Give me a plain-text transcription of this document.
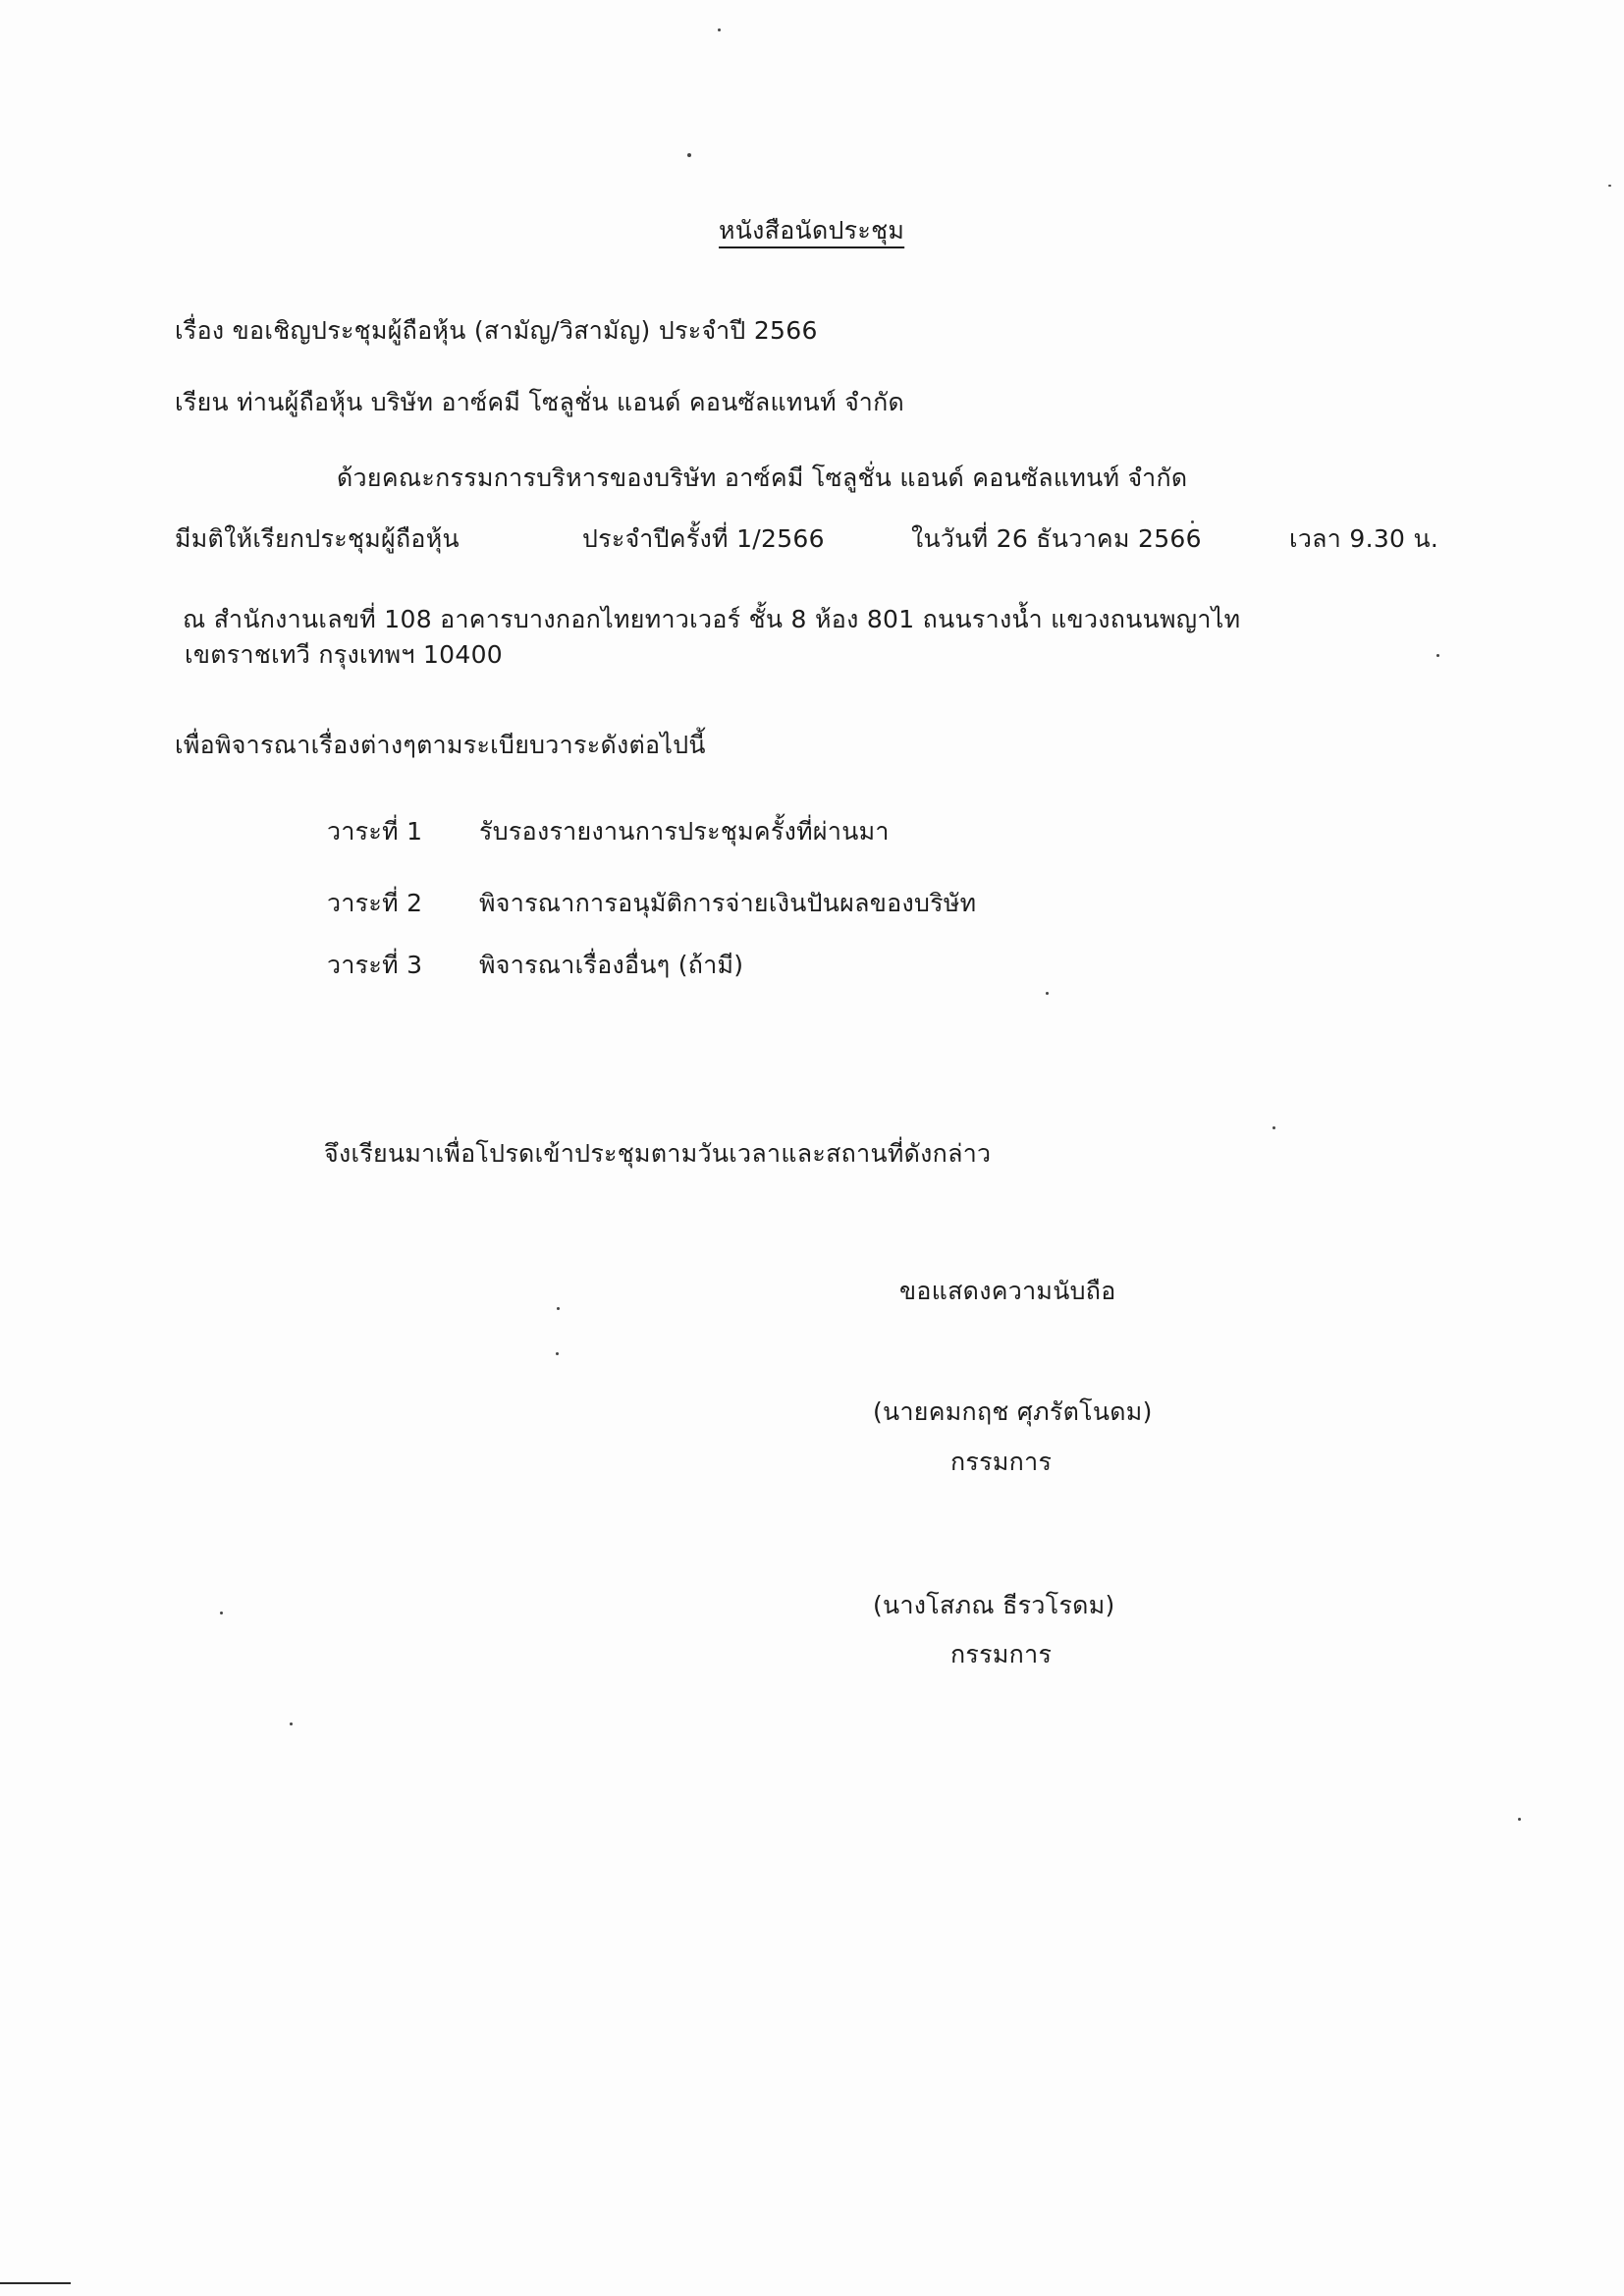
หนังสือนัดประชุม
เรื่อง ขอเชิญประชุมผู้ถือหุ้น (สามัญ/วิสามัญ) ประจำปี 2566
เรียน ท่านผู้ถือหุ้น บริษัท อาซ์คมี โซลูชั่น แอนด์ คอนซัลแทนท์ จำกัด
ด้วยคณะกรรมการบริหารของบริษัท อาซ์คมี โซลูชั่น แอนด์ คอนซัลแทนท์ จำกัด
มีมติให้เรียกประชุมผู้ถือหุ้น	ประจำปีครั้งที่ 1/2566	ในวันที่ 26 ธันวาคม 2566	เวลา 9.30 น.
ณ สำนักงานเลขที่ 108 อาคารบางกอกไทยทาวเวอร์ ชั้น 8 ห้อง 801 ถนนรางน้ำ แขวงถนนพญาไท
เขตราชเทวี กรุงเทพฯ 10400
เพื่อพิจารณาเรื่องต่างๆตามระเบียบวาระดังต่อไปนี้
วาระที่ 1 รับรองรายงานการประชุมครั้งที่ผ่านมา
วาระที่ 2 พิจารณาการอนุมัติการจ่ายเงินปันผลของบริษัท
วาระที่ 3 พิจารณาเรื่องอื่นๆ (ถ้ามี)
จึงเรียนมาเพื่อโปรดเข้าประชุมตามวันเวลาและสถานที่ดังกล่าว
ขอแสดงความนับถือ
(นายคมกฤช ศุภรัตโนดม)
กรรมการ
(นางโสภณ ธีรวโรดม)
กรรมการ
